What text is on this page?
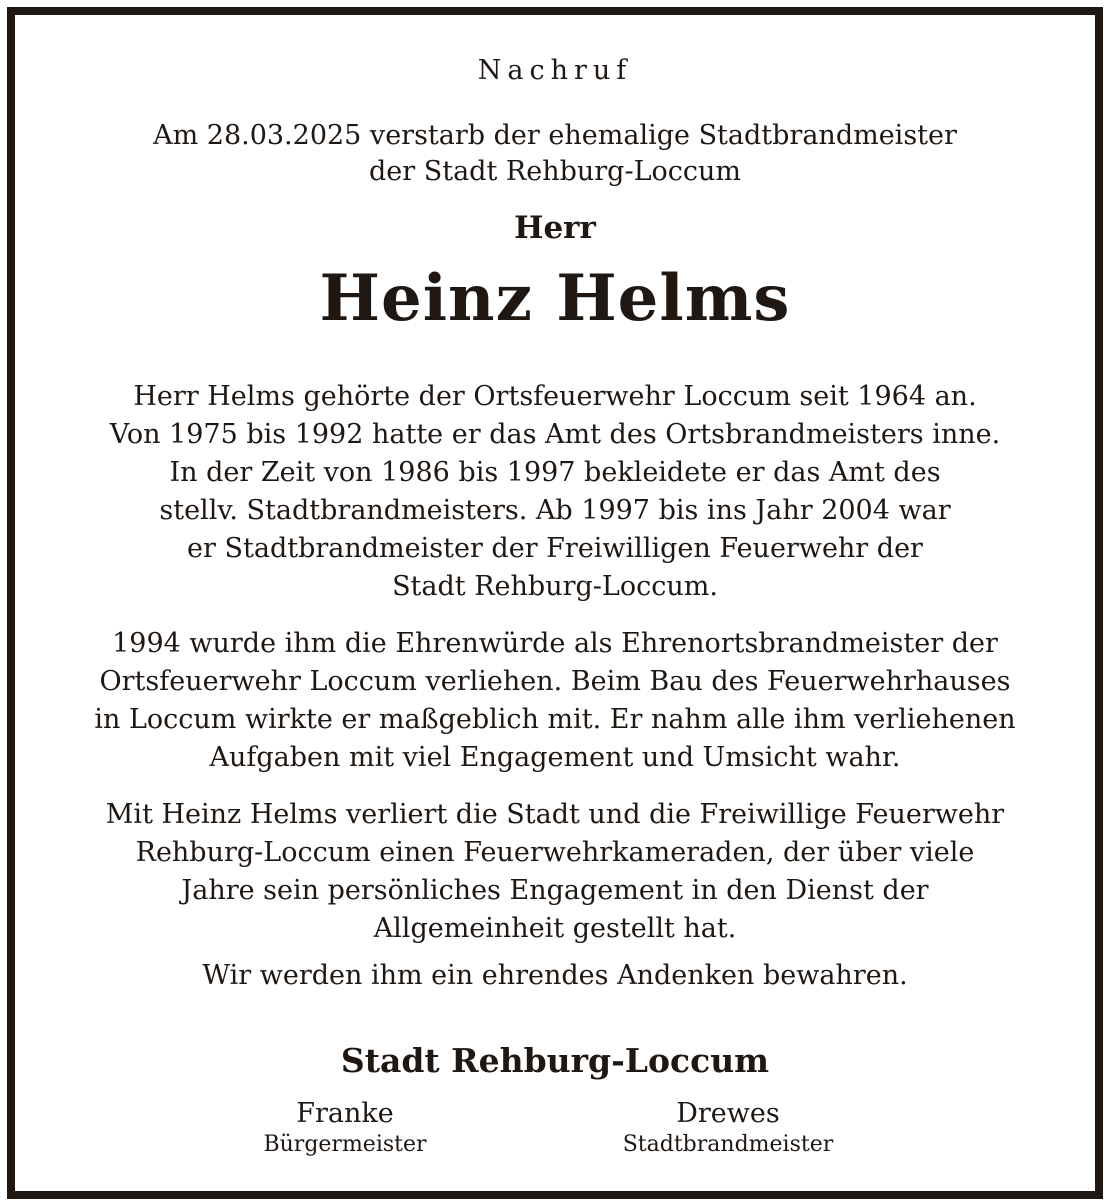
Nachruf
Am 28.03.2025 verstarb der ehemalige Stadtbrandmeister
der Stadt Rehburg-Loccum
Herr
Heinz Helms
Herr Helms gehörte der Ortsfeuerwehr Loccum seit 1964 an.
Von 1975 bis 1992 hatte er das Amt des Ortsbrandmeisters inne.
In der Zeit von 1986 bis 1997 bekleidete er das Amt des
stellv. Stadtbrandmeisters. Ab 1997 bis ins Jahr 2004 war
er Stadtbrandmeister der Freiwilligen Feuerwehr der
Stadt Rehburg-Loccum.
1994 wurde ihm die Ehrenwürde als Ehrenortsbrandmeister der
Ortsfeuerwehr Loccum verliehen. Beim Bau des Feuerwehrhauses
in Loccum wirkte er maßgeblich mit. Er nahm alle ihm verliehenen
Aufgaben mit viel Engagement und Umsicht wahr.
Mit Heinz Helms verliert die Stadt und die Freiwillige Feuerwehr
Rehburg-Loccum einen Feuerwehrkameraden, der über viele
Jahre sein persönliches Engagement in den Dienst der
Allgemeinheit gestellt hat.
Wir werden ihm ein ehrendes Andenken bewahren.
Stadt Rehburg-Loccum
Franke
Bürgermeister
Drewes
Stadtbrandmeister
